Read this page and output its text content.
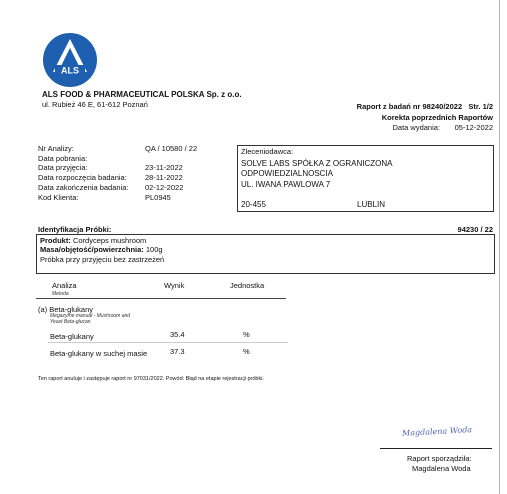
ALS
ALS FOOD & PHARMACEUTICAL POLSKA Sp. z o.o.
ul. Rubież 46 E, 61-612 Poznań	Raport z badań nr 98240/2022 Str. 1/2
Korekta poprzednich Raportów
Data wydania: 05-12-2022
Nr Analizy:	QA / 10580 / 22
Data pobrania:
Data przyjęcia:	23-11-2022
Data rozpoczęcia badania: 28-11-2022
Data zakończenia badania: 02-12-2022
Kod Klienta:	PL0945
Zleceniodawca:
SOLVE LABS SPÓŁKA Z OGRANICZONA
ODPOWIEDZIALNOSCIA
UL. IWANA PAWLOWA 7
20-455	LUBLIN
Identyfikacja Próbki:	94230 / 22
Produkt: Cordyceps mushroom
Masa/objętość/powierzchnia: 100g
Próbka przy przyjęciu bez zastrzeżeń
Analiza
Metoda
Wynik	Jednostka
(a) Beta-glukany
Megazyme manual - Mushroom and
Yeast Beta-glucan
Beta-glukany	35.4	%
Beta-glukany w suchej masie	37.3	%
Ten raport anuluje i zastępuje raport nr 97031/2022. Powód: Błąd na etapie rejestracji próbki.
Magdalena Woda
Raport sporządziła:
Magdalena Woda
